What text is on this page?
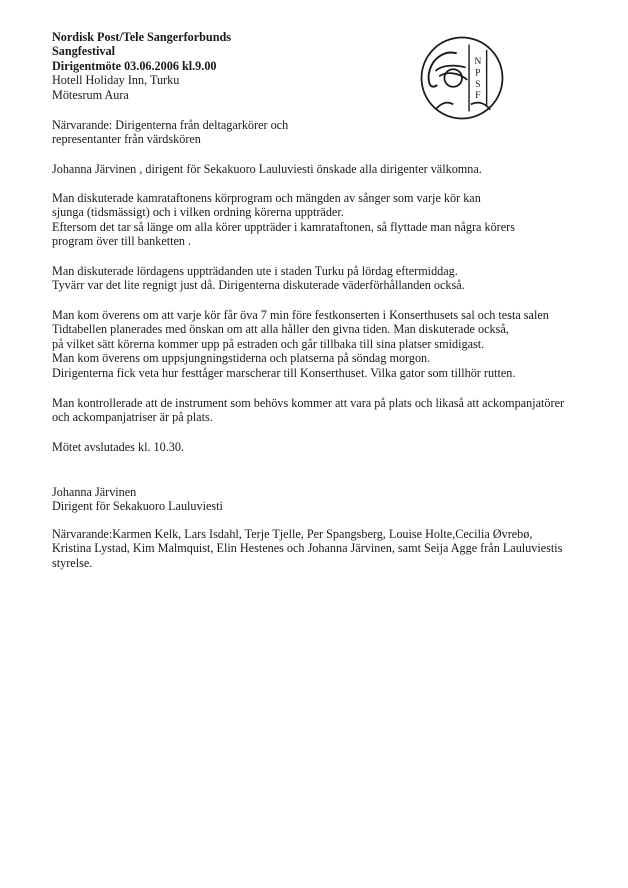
Nordisk Post/Tele Sangerforbunds
Sangfestival
Dirigentmöte 03.06.2006 kl.9.00
Hotell Holiday Inn, Turku
Mötesrum Aura
N
P
S
F
Närvarande: Dirigenterna från deltagarkörer och
representanter från värdskören
Johanna Järvinen , dirigent för Sekakuoro Lauluviesti önskade alla dirigenter välkomna.
Man diskuterade kamrataftonens körprogram och mängden av sånger som varje kör kan
sjunga (tidsmässigt) och i vilken ordning körerna uppträder.
Eftersom det tar så länge om alla körer uppträder i kamrataftonen, så flyttade man några körers
program över till banketten .
Man diskuterade lördagens uppträdanden ute i staden Turku på lördag eftermiddag.
Tyvärr var det lite regnigt just då. Dirigenterna diskuterade väderförhållanden också.
Man kom överens om att varje kör får öva 7 min före festkonserten i Konserthusets sal och testa salen
Tidtabellen planerades med önskan om att alla håller den givna tiden. Man diskuterade också,
på vilket sätt körerna kommer upp på estraden och går tillbaka till sina platser smidigast.
Man kom överens om uppsjungningstiderna och platserna på söndag morgon.
Dirigenterna fick veta hur festtåger marscherar till Konserthuset. Vilka gator som tillhör rutten.
Man kontrollerade att de instrument som behövs kommer att vara på plats och likaså att ackompanjatörer
och ackompanjatriser är på plats.
Mötet avslutades kl. 10.30.
Johanna Järvinen
Dirigent för Sekakuoro Lauluviesti
Närvarande:Karmen Kelk, Lars Isdahl, Terje Tjelle, Per Spangsberg, Louise Holte,Cecilia Øvrebø,
Kristina Lystad, Kim Malmquist, Elin Hestenes och Johanna Järvinen, samt Seija Agge från Lauluviestis
styrelse.
